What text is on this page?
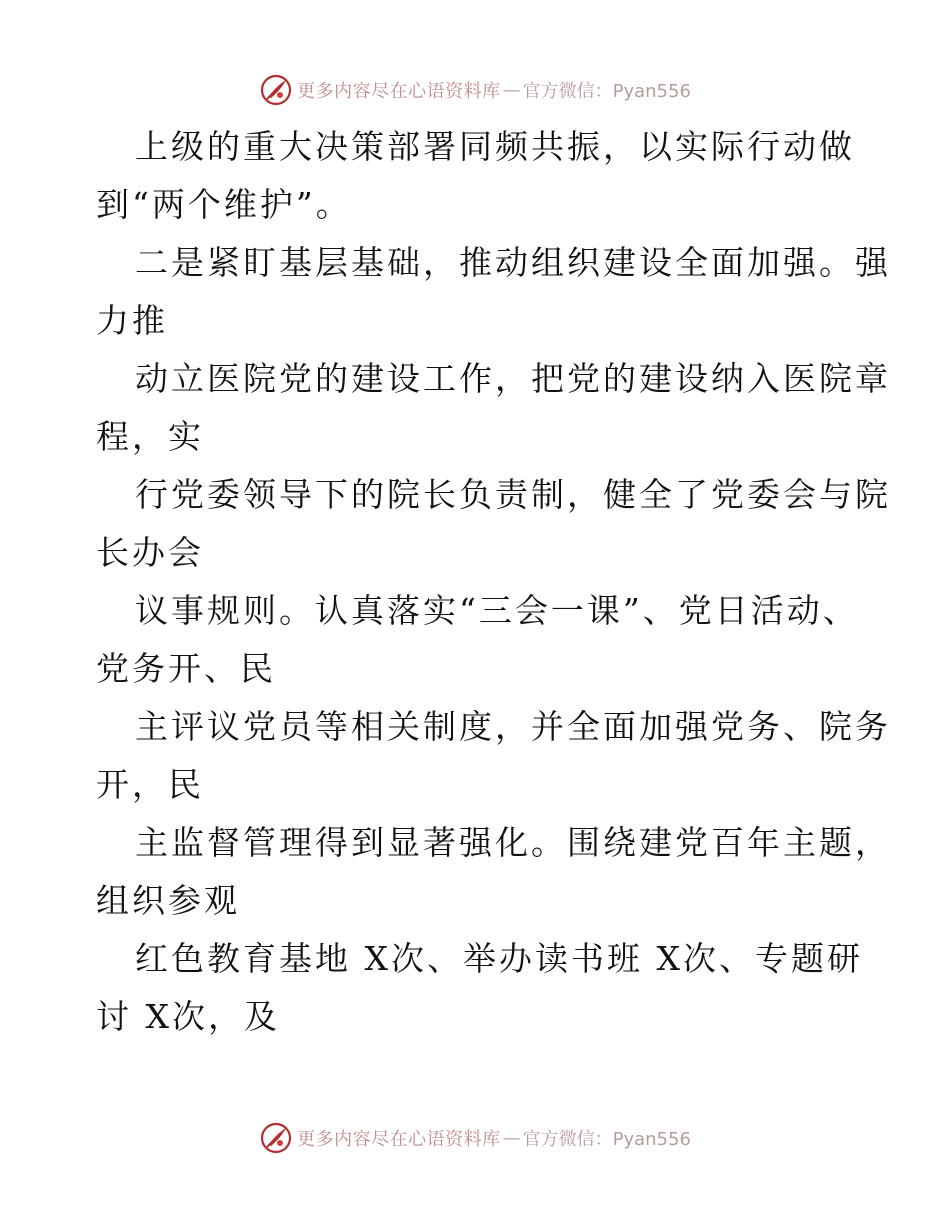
更多内容尽在心语资料库 — 官方微信：Pyan556
上级的重大决策部署同频共振，以实际行动做
到“两个维护”。
二是紧盯基层基础，推动组织建设全面加强。强
力推
动立医院党的建设工作，把党的建设纳入医院章
程，实
行党委领导下的院长负责制，健全了党委会与院
长办会
议事规则。认真落实“三会一课”、党日活动、
党务开、民
主评议党员等相关制度，并全面加强党务、院务
开，民
主监督管理得到显著强化。围绕建党百年主题，
组织参观
红色教育基地 X次、举办读书班 X次、专题研
讨 X次，及
更多内容尽在心语资料库 — 官方微信：Pyan556
